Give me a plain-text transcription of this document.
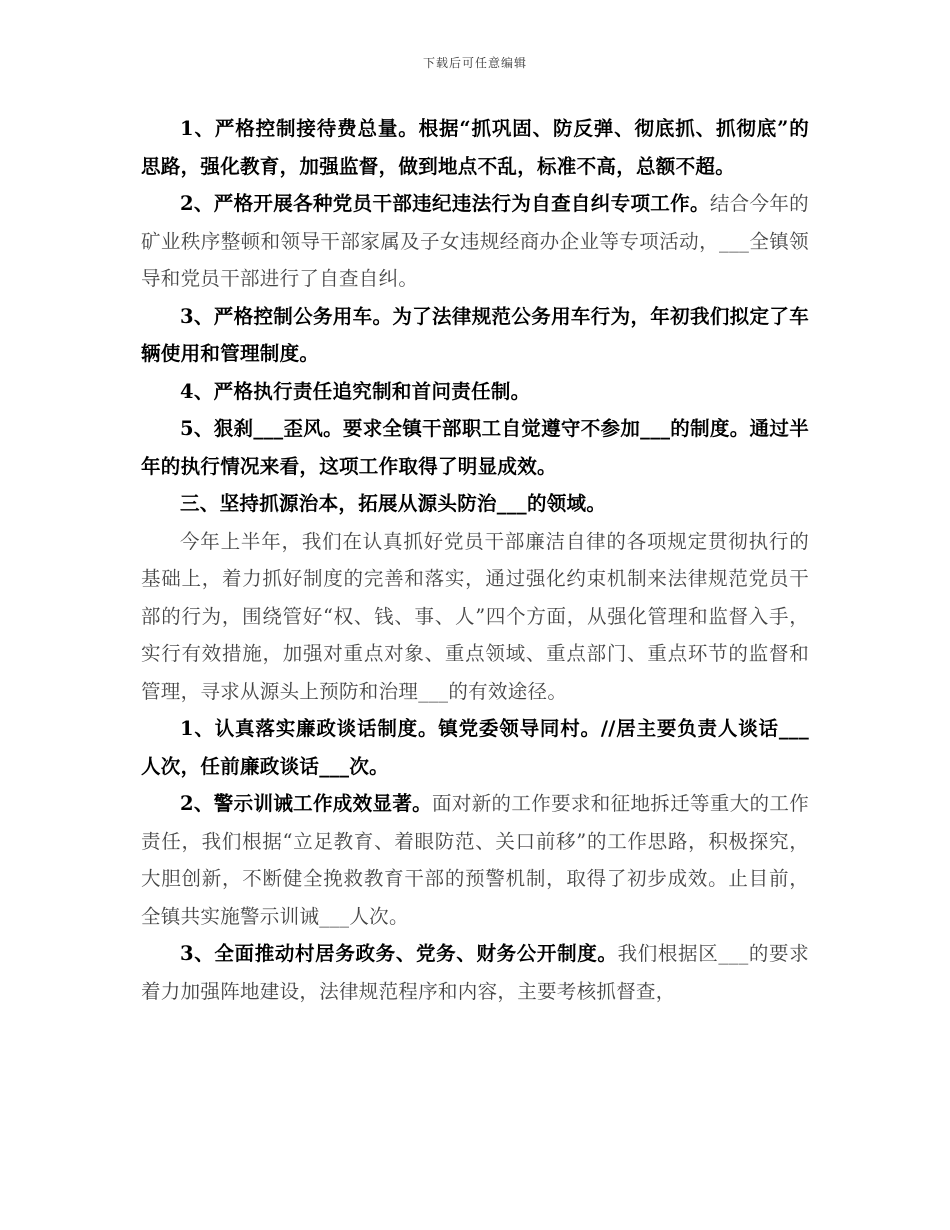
下载后可任意编辑

1、严格控制接待费总量。根据“抓巩固、防反弹、彻底抓、抓彻底”的思路，强化教育，加强监督，做到地点不乱，标准不高，总额不超。

2、严格开展各种党员干部违纪违法行为自查自纠专项工作。结合今年的矿业秩序整顿和领导干部家属及子女违规经商办企业等专项活动，___全镇领导和党员干部进行了自查自纠。

3、严格控制公务用车。为了法律规范公务用车行为，年初我们拟定了车辆使用和管理制度。

4、严格执行责任追究制和首问责任制。

5、狠刹___歪风。要求全镇干部职工自觉遵守不参加___的制度。通过半年的执行情况来看，这项工作取得了明显成效。

三、坚持抓源治本，拓展从源头防治___的领域。

今年上半年，我们在认真抓好党员干部廉洁自律的各项规定贯彻执行的基础上，着力抓好制度的完善和落实，通过强化约束机制来法律规范党员干部的行为，围绕管好“权、钱、事、人”四个方面，从强化管理和监督入手，实行有效措施，加强对重点对象、重点领域、重点部门、重点环节的监督和管理，寻求从源头上预防和治理___的有效途径。

1、认真落实廉政谈话制度。镇党委领导同村。//居主要负责人谈话___人次，任前廉政谈话___次。

2、警示训诫工作成效显著。面对新的工作要求和征地拆迁等重大的工作责任，我们根据“立足教育、着眼防范、关口前移”的工作思路，积极探究，大胆创新，不断健全挽救教育干部的预警机制，取得了初步成效。止目前，全镇共实施警示训诫___人次。

3、全面推动村居务政务、党务、财务公开制度。我们根据区___的要求着力加强阵地建设，法律规范程序和内容，主要考核抓督查，
